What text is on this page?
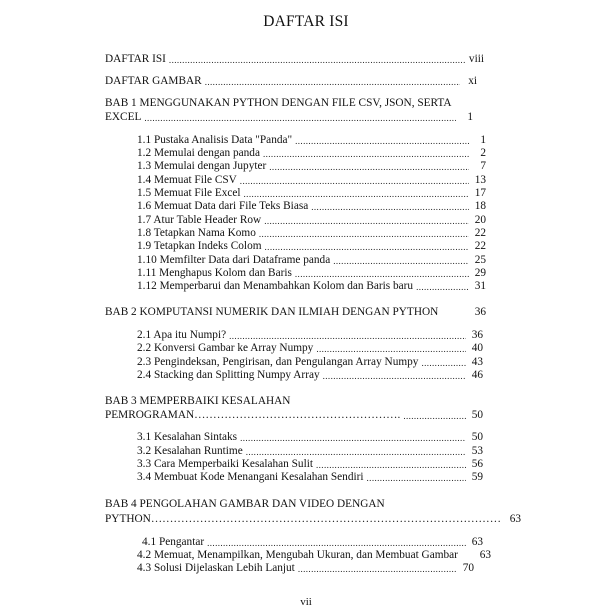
DAFTAR ISI
DAFTAR ISI .....	viii
DAFTAR GAMBAR .....	xi
BAB 1 MENGGUNAKAN PYTHON DENGAN FILE CSV, JSON, SERTA
EXCEL .....	1
1.1 Pustaka Analisis Data "Panda" .....	1
1.2 Memulai dengan panda .....	2
1.3 Memulai dengan Jupyter .....	7
1.4 Memuat File CSV .....	13
1.5 Memuat File Excel .....	17
1.6 Memuat Data dari File Teks Biasa .....	18
1.7 Atur Table Header Row .....	20
1.8 Tetapkan Nama Komo .....	22
1.9 Tetapkan Indeks Colom .....	22
1.10 Memfilter Data dari Dataframe panda .....	25
1.11 Menghapus Kolom dan Baris .....	29
1.12 Memperbarui dan Menambahkan Kolom dan Baris baru .....	31
BAB 2 KOMPUTANSI NUMERIK DAN ILMIAH DENGAN PYTHON	36
2.1 Apa itu Numpi? .....	36
2.2 Konversi Gambar ke Array Numpy .....	40
2.3 Pengindeksan, Pengirisan, dan Pengulangan Array Numpy .....	43
2.4 Stacking dan Splitting Numpy Array .....	46
BAB 3 MEMPERBAIKI KESALAHAN
PEMROGRAMAN………………………………………………. .....	50
3.1 Kesalahan Sintaks .....	50
3.2 Kesalahan Runtime .....	53
3.3 Cara Memperbaiki Kesalahan Sulit .....	56
3.4 Membuat Kode Menangani Kesalahan Sendiri .....	59
BAB 4 PENGOLAHAN GAMBAR DAN VIDEO DENGAN
PYTHON………………………………………………………………………………… 63
4.1 Pengantar .....	63
4.2 Memuat, Menampilkan, Mengubah Ukuran, dan Membuat Gambar 63
4.3 Solusi Dijelaskan Lebih Lanjut .....	70
vii
